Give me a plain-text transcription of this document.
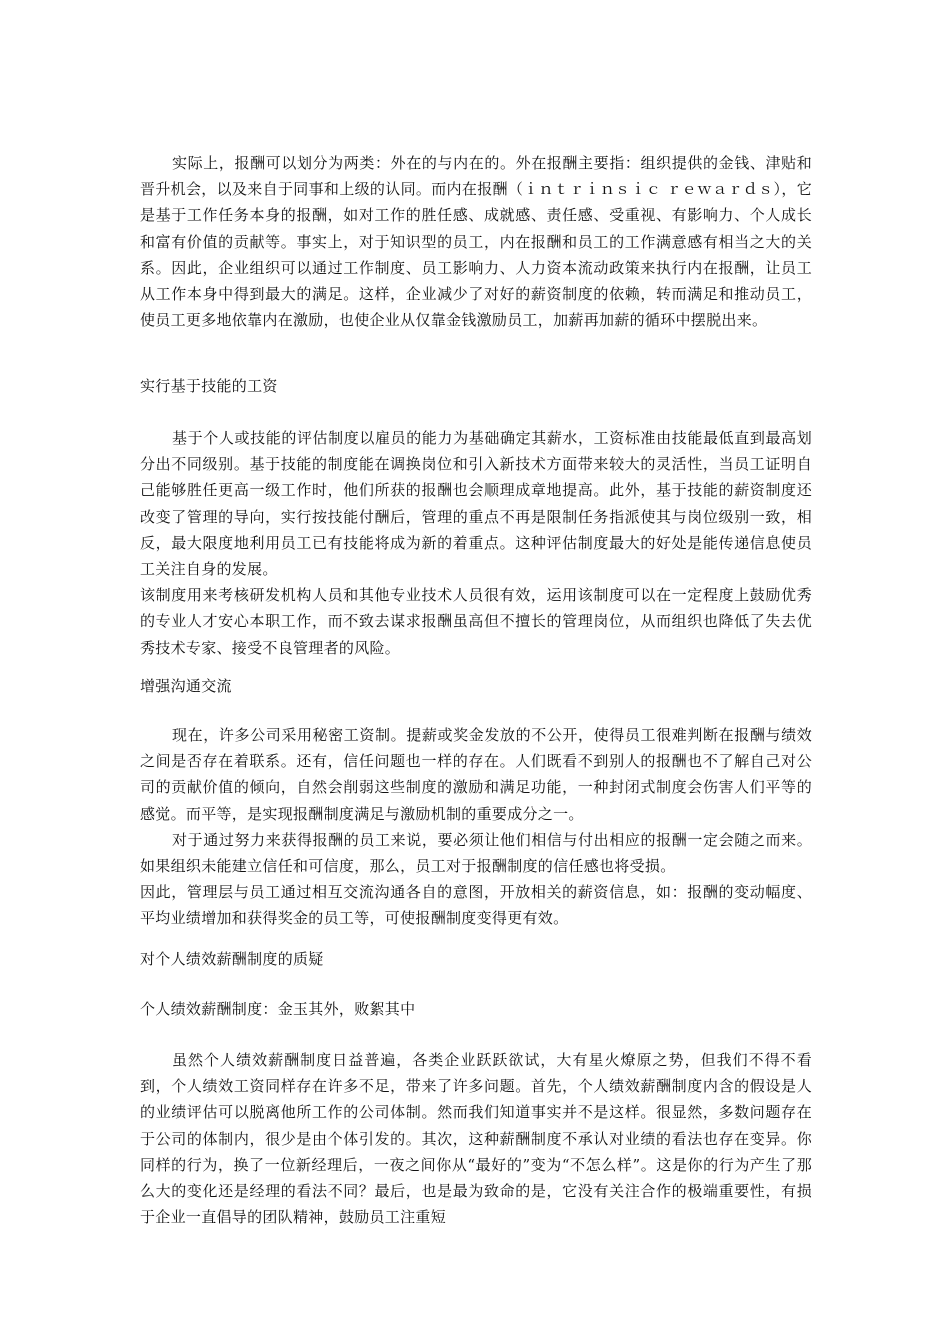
实际上，报酬可以划分为两类：外在的与内在的。外在报酬主要指：组织提供的金钱、津贴和晋升机会，以及来自于同事和上级的认同。而内在报酬（ｉｎｔｒｉｎｓｉｃ ｒｅｗａｒｄｓ），它是基于工作任务本身的报酬，如对工作的胜任感、成就感、责任感、受重视、有影响力、个人成长和富有价值的贡献等。事实上，对于知识型的员工，内在报酬和员工的工作满意感有相当之大的关系。因此，企业组织可以通过工作制度、员工影响力、人力资本流动政策来执行内在报酬，让员工从工作本身中得到最大的满足。这样，企业减少了对好的薪资制度的依赖，转而满足和推动员工，使员工更多地依靠内在激励，也使企业从仅靠金钱激励员工，加薪再加薪的循环中摆脱出来。

实行基于技能的工资

基于个人或技能的评估制度以雇员的能力为基础确定其薪水，工资标准由技能最低直到最高划分出不同级别。基于技能的制度能在调换岗位和引入新技术方面带来较大的灵活性，当员工证明自己能够胜任更高一级工作时，他们所获的报酬也会顺理成章地提高。此外，基于技能的薪资制度还改变了管理的导向，实行按技能付酬后，管理的重点不再是限制任务指派使其与岗位级别一致，相反，最大限度地利用员工已有技能将成为新的着重点。这种评估制度最大的好处是能传递信息使员工关注自身的发展。

该制度用来考核研发机构人员和其他专业技术人员很有效，运用该制度可以在一定程度上鼓励优秀的专业人才安心本职工作，而不致去谋求报酬虽高但不擅长的管理岗位，从而组织也降低了失去优秀技术专家、接受不良管理者的风险。

增强沟通交流

现在，许多公司采用秘密工资制。提薪或奖金发放的不公开，使得员工很难判断在报酬与绩效之间是否存在着联系。还有，信任问题也一样的存在。人们既看不到别人的报酬也不了解自己对公司的贡献价值的倾向，自然会削弱这些制度的激励和满足功能，一种封闭式制度会伤害人们平等的感觉。而平等，是实现报酬制度满足与激励机制的重要成分之一。

对于通过努力来获得报酬的员工来说，要必须让他们相信与付出相应的报酬一定会随之而来。如果组织未能建立信任和可信度，那么，员工对于报酬制度的信任感也将受损。

因此，管理层与员工通过相互交流沟通各自的意图，开放相关的薪资信息，如：报酬的变动幅度、平均业绩增加和获得奖金的员工等，可使报酬制度变得更有效。

对个人绩效薪酬制度的质疑
个人绩效薪酬制度：金玉其外，败絮其中

虽然个人绩效薪酬制度日益普遍，各类企业跃跃欲试，大有星火燎原之势，但我们不得不看到，个人绩效工资同样存在许多不足，带来了许多问题。首先，个人绩效薪酬制度内含的假设是人的业绩评估可以脱离他所工作的公司体制。然而我们知道事实并不是这样。很显然，多数问题存在于公司的体制内，很少是由个体引发的。其次，这种薪酬制度不承认对业绩的看法也存在变异。你同样的行为，换了一位新经理后，一夜之间你从“最好的”变为“不怎么样”。这是你的行为产生了那么大的变化还是经理的看法不同？最后，也是最为致命的是，它没有关注合作的极端重要性，有损于企业一直倡导的团队精神，鼓励员工注重短
